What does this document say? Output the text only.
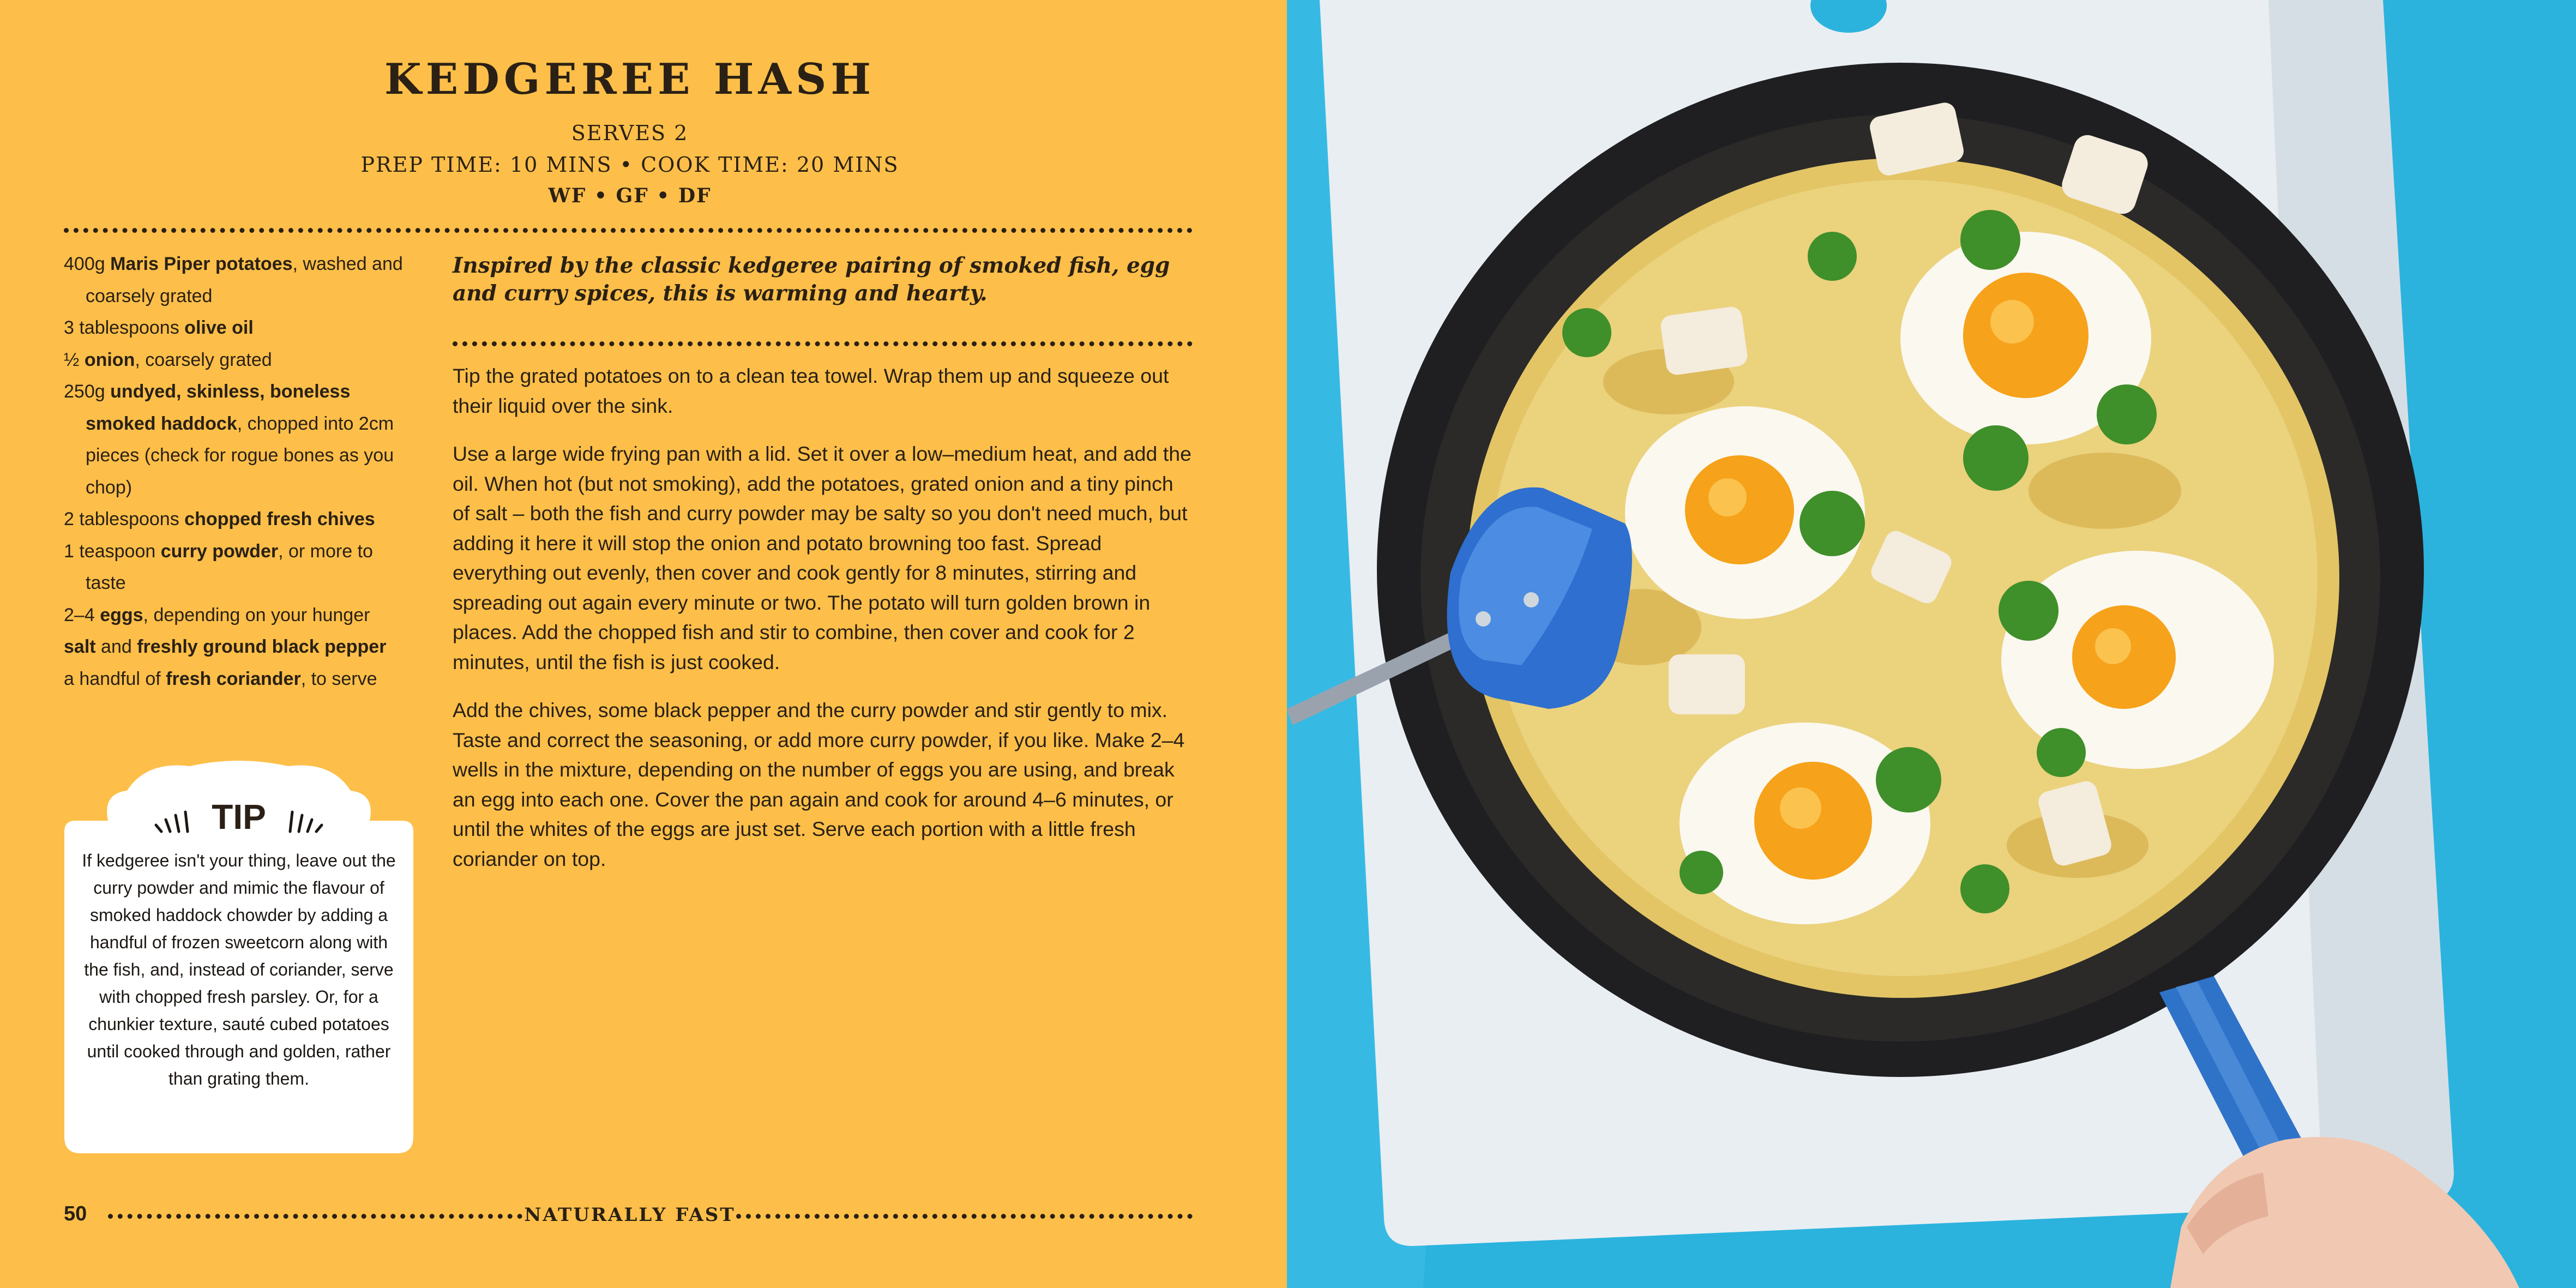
KEDGEREE HASH
SERVES 2
PREP TIME: 10 MINS • COOK TIME: 20 MINS
WF • GF • DF
400g Maris Piper potatoes, washed and coarsely grated
3 tablespoons olive oil
½ onion, coarsely grated
250g undyed, skinless, boneless smoked haddock, chopped into 2cm pieces (check for rogue bones as you chop)
2 tablespoons chopped fresh chives
1 teaspoon curry powder, or more to taste
2–4 eggs, depending on your hunger
salt and freshly ground black pepper
a handful of fresh coriander, to serve

Inspired by the classic kedgeree pairing of smoked fish, egg and curry spices, this is warming and hearty.

Tip the grated potatoes on to a clean tea towel. Wrap them up and squeeze out their liquid over the sink.

Use a large wide frying pan with a lid. Set it over a low–medium heat, and add the oil. When hot (but not smoking), add the potatoes, grated onion and a tiny pinch of salt – both the fish and curry powder may be salty so you don't need much, but adding it here it will stop the onion and potato browning too fast. Spread everything out evenly, then cover and cook gently for 8 minutes, stirring and spreading out again every minute or two. The potato will turn golden brown in places. Add the chopped fish and stir to combine, then cover and cook for 2 minutes, until the fish is just cooked.

Add the chives, some black pepper and the curry powder and stir gently to mix. Taste and correct the seasoning, or add more curry powder, if you like. Make 2–4 wells in the mixture, depending on the number of eggs you are using, and break an egg into each one. Cover the pan again and cook for around 4–6 minutes, or until the whites of the eggs are just set. Serve each portion with a little fresh coriander on top.

TIP
If kedgeree isn't your thing, leave out the curry powder and mimic the flavour of smoked haddock chowder by adding a handful of frozen sweetcorn along with the fish, and, instead of coriander, serve with chopped fresh parsley. Or, for a chunkier texture, sauté cubed potatoes until cooked through and golden, rather than grating them.
50	NATURALLY FAST
